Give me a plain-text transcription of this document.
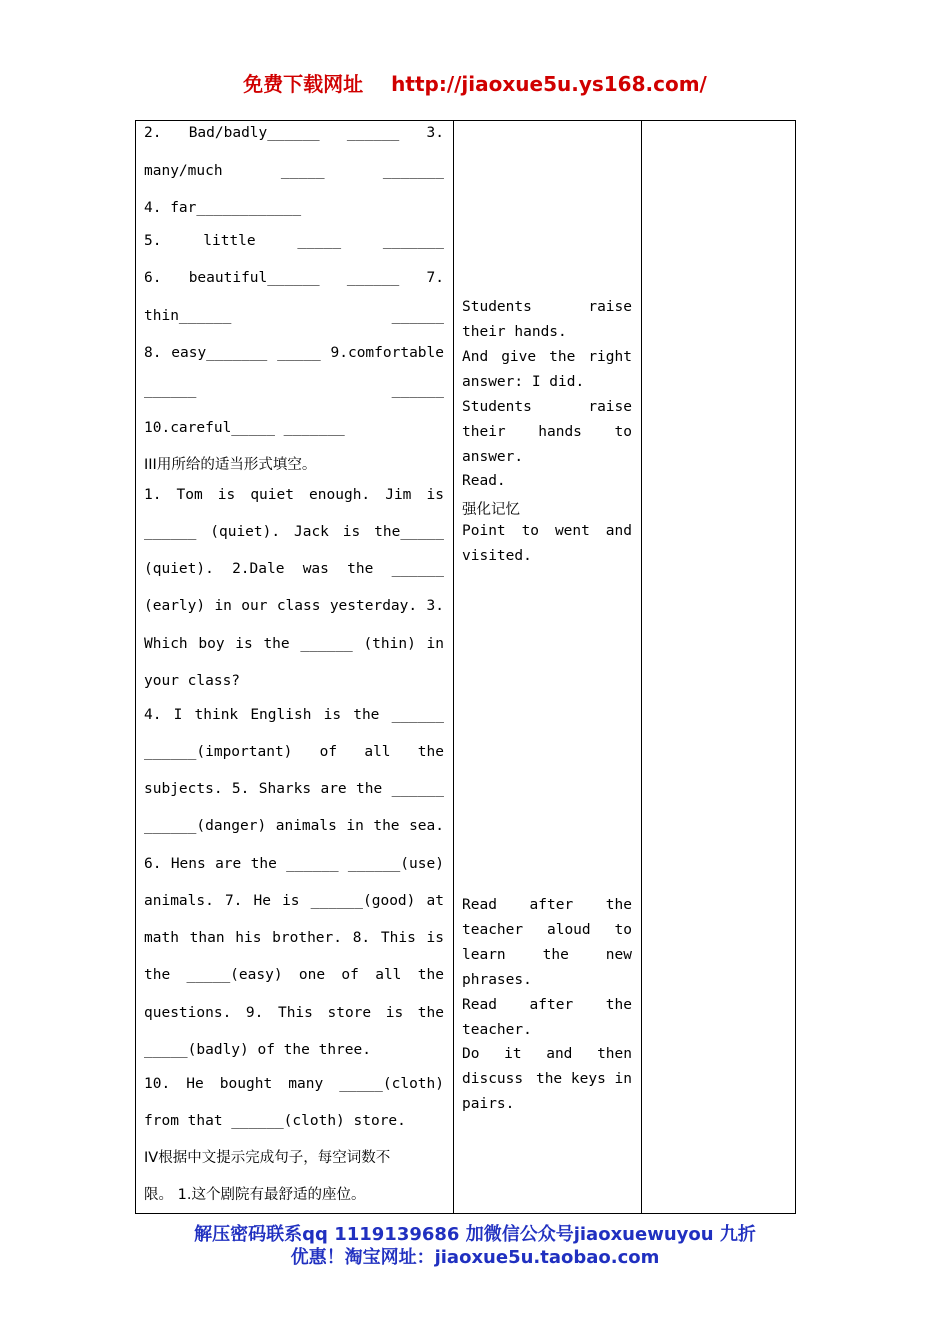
免费下载网址 http://jiaoxue5u.ys168.com/
2. Bad/badly______ ______ 3.
many/much	_____	_______
4. far____________
5.	little	_____	_______
6. beautiful______ ______ 7.
thin______	______
8. easy_______ _____ 9.comfortable
______	______
10.careful_____ _______
III用所给的适当形式填空。
1. Tom is quiet enough. Jim is
______ (quiet). Jack is the_____
(quiet). 2.Dale was the ______
(early) in our class yesterday. 3.
Which boy is the ______ (thin) in
your class?
4. I think English is the ______
______(important) of all the
subjects. 5. Sharks are the ______
______(danger) animals in the sea.
6. Hens are the ______ ______(use)
animals. 7. He is ______(good) at
math than his brother. 8. This is
the _____(easy) one of all the
questions. 9. This store is the
_____(badly) of the three.
10. He bought many _____(cloth)
from that ______(cloth) store.
IV根据中文提示完成句子，每空词数不
限。 1.这个剧院有最舒适的座位。

Students	raise
their hands.
And give the right
answer: I did.
Students	raise
their hands to
answer.
Read.
强化记忆
Point to went and
visited.
Read after the
teacher aloud to
learn	the	new
phrases.
Read after the
teacher.
Do it and then
discuss the keys in
pairs.

解压密码联系qq 1119139686 加微信公众号jiaoxuewuyou 九折
优惠！淘宝网址：jiaoxue5u.taobao.com
